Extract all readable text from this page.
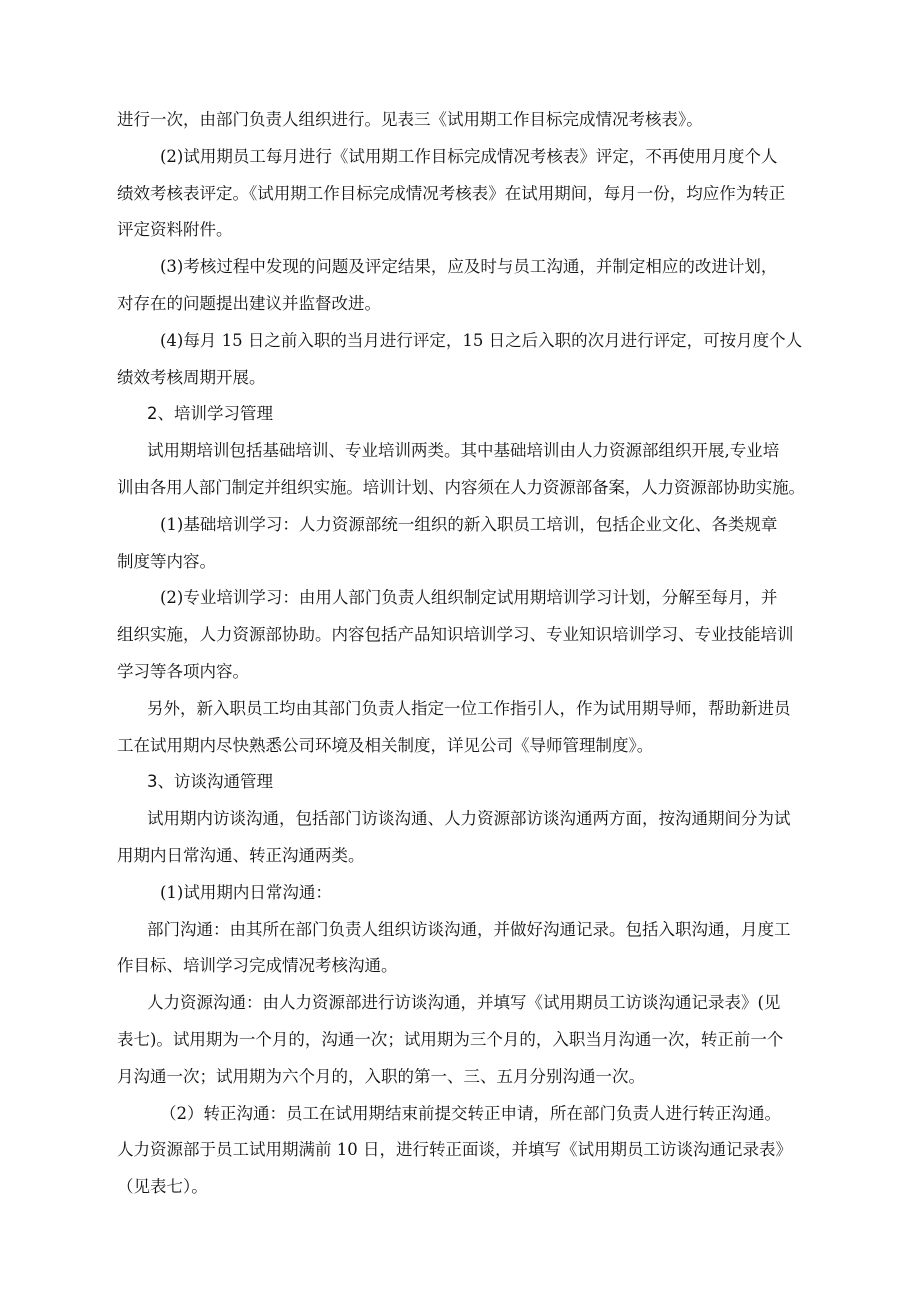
进行一次，由部门负责人组织进行。见表三《试用期工作目标完成情况考核表》。
(2)试用期员工每月进行《试用期工作目标完成情况考核表》评定，不再使用月度个人
绩效考核表评定。《试用期工作目标完成情况考核表》在试用期间，每月一份，均应作为转正
评定资料附件。
(3)考核过程中发现的问题及评定结果，应及时与员工沟通，并制定相应的改进计划，
对存在的问题提出建议并监督改进。
(4)每月 15 日之前入职的当月进行评定，15 日之后入职的次月进行评定，可按月度个人
绩效考核周期开展。
2、培训学习管理
试用期培训包括基础培训、专业培训两类。其中基础培训由人力资源部组织开展,专业培
训由各用人部门制定并组织实施。培训计划、内容须在人力资源部备案，人力资源部协助实施。
(1)基础培训学习：人力资源部统一组织的新入职员工培训，包括企业文化、各类规章
制度等内容。
(2)专业培训学习：由用人部门负责人组织制定试用期培训学习计划，分解至每月，并
组织实施，人力资源部协助。内容包括产品知识培训学习、专业知识培训学习、专业技能培训
学习等各项内容。
另外，新入职员工均由其部门负责人指定一位工作指引人，作为试用期导师，帮助新进员
工在试用期内尽快熟悉公司环境及相关制度，详见公司《导师管理制度》。
3、访谈沟通管理
试用期内访谈沟通，包括部门访谈沟通、人力资源部访谈沟通两方面，按沟通期间分为试
用期内日常沟通、转正沟通两类。
(1)试用期内日常沟通：
部门沟通：由其所在部门负责人组织访谈沟通，并做好沟通记录。包括入职沟通，月度工
作目标、培训学习完成情况考核沟通。
人力资源沟通：由人力资源部进行访谈沟通，并填写《试用期员工访谈沟通记录表》(见
表七)。试用期为一个月的，沟通一次；试用期为三个月的，入职当月沟通一次，转正前一个
月沟通一次；试用期为六个月的，入职的第一、三、五月分别沟通一次。
（2）转正沟通：员工在试用期结束前提交转正申请，所在部门负责人进行转正沟通。
人力资源部于员工试用期满前 10 日，进行转正面谈，并填写《试用期员工访谈沟通记录表》
（见表七）。
